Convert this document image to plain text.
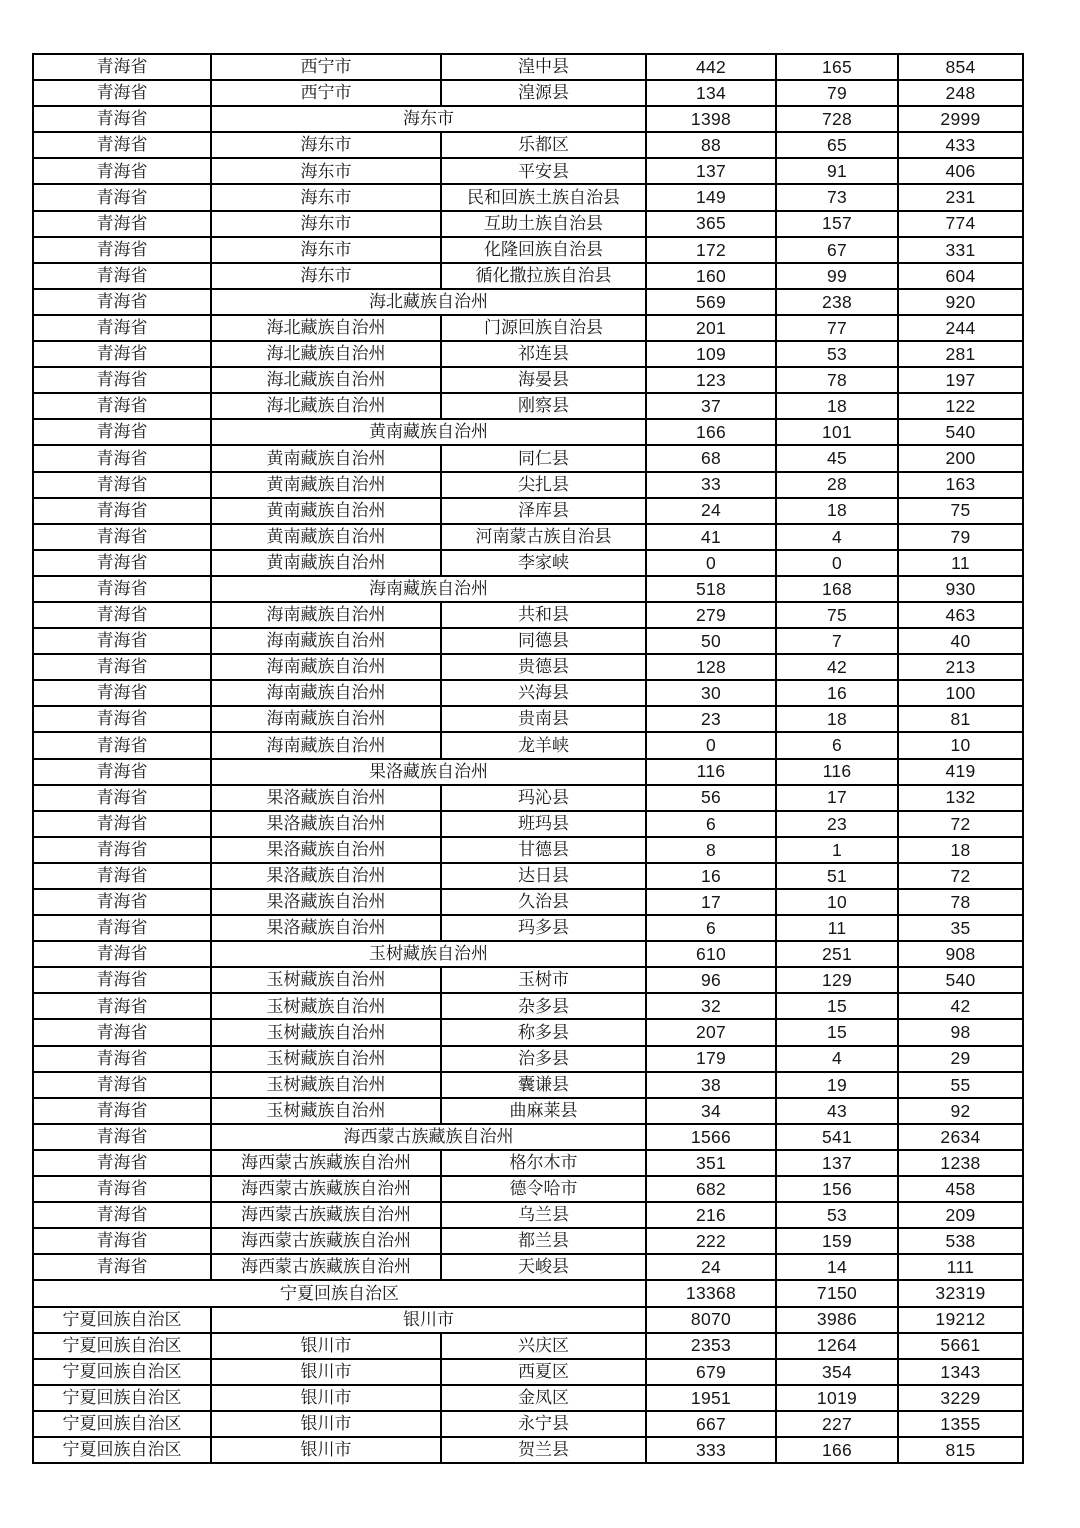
青海省	西宁市	湟中县	442	165	854
青海省	西宁市	湟源县	134	79	248
青海省	海东市		1398	728	2999
青海省	海东市	乐都区	88	65	433
青海省	海东市	平安县	137	91	406
青海省	海东市	民和回族土族自治县	149	73	231
青海省	海东市	互助土族自治县	365	157	774
青海省	海东市	化隆回族自治县	172	67	331
青海省	海东市	循化撒拉族自治县	160	99	604
青海省	海北藏族自治州		569	238	920
青海省	海北藏族自治州	门源回族自治县	201	77	244
青海省	海北藏族自治州	祁连县	109	53	281
青海省	海北藏族自治州	海晏县	123	78	197
青海省	海北藏族自治州	刚察县	37	18	122
青海省	黄南藏族自治州		166	101	540
青海省	黄南藏族自治州	同仁县	68	45	200
青海省	黄南藏族自治州	尖扎县	33	28	163
青海省	黄南藏族自治州	泽库县	24	18	75
青海省	黄南藏族自治州	河南蒙古族自治县	41	4	79
青海省	黄南藏族自治州	李家峡	0	0	11
青海省	海南藏族自治州		518	168	930
青海省	海南藏族自治州	共和县	279	75	463
青海省	海南藏族自治州	同德县	50	7	40
青海省	海南藏族自治州	贵德县	128	42	213
青海省	海南藏族自治州	兴海县	30	16	100
青海省	海南藏族自治州	贵南县	23	18	81
青海省	海南藏族自治州	龙羊峡	0	6	10
青海省	果洛藏族自治州		116	116	419
青海省	果洛藏族自治州	玛沁县	56	17	132
青海省	果洛藏族自治州	班玛县	6	23	72
青海省	果洛藏族自治州	甘德县	8	1	18
青海省	果洛藏族自治州	达日县	16	51	72
青海省	果洛藏族自治州	久治县	17	10	78
青海省	果洛藏族自治州	玛多县	6	11	35
青海省	玉树藏族自治州		610	251	908
青海省	玉树藏族自治州	玉树市	96	129	540
青海省	玉树藏族自治州	杂多县	32	15	42
青海省	玉树藏族自治州	称多县	207	15	98
青海省	玉树藏族自治州	治多县	179	4	29
青海省	玉树藏族自治州	囊谦县	38	19	55
青海省	玉树藏族自治州	曲麻莱县	34	43	92
青海省	海西蒙古族藏族自治州		1566	541	2634
青海省	海西蒙古族藏族自治州	格尔木市	351	137	1238
青海省	海西蒙古族藏族自治州	德令哈市	682	156	458
青海省	海西蒙古族藏族自治州	乌兰县	216	53	209
青海省	海西蒙古族藏族自治州	都兰县	222	159	538
青海省	海西蒙古族藏族自治州	天峻县	24	14	111
宁夏回族自治区			13368	7150	32319
宁夏回族自治区	银川市		8070	3986	19212
宁夏回族自治区	银川市	兴庆区	2353	1264	5661
宁夏回族自治区	银川市	西夏区	679	354	1343
宁夏回族自治区	银川市	金凤区	1951	1019	3229
宁夏回族自治区	银川市	永宁县	667	227	1355
宁夏回族自治区	银川市	贺兰县	333	166	815
